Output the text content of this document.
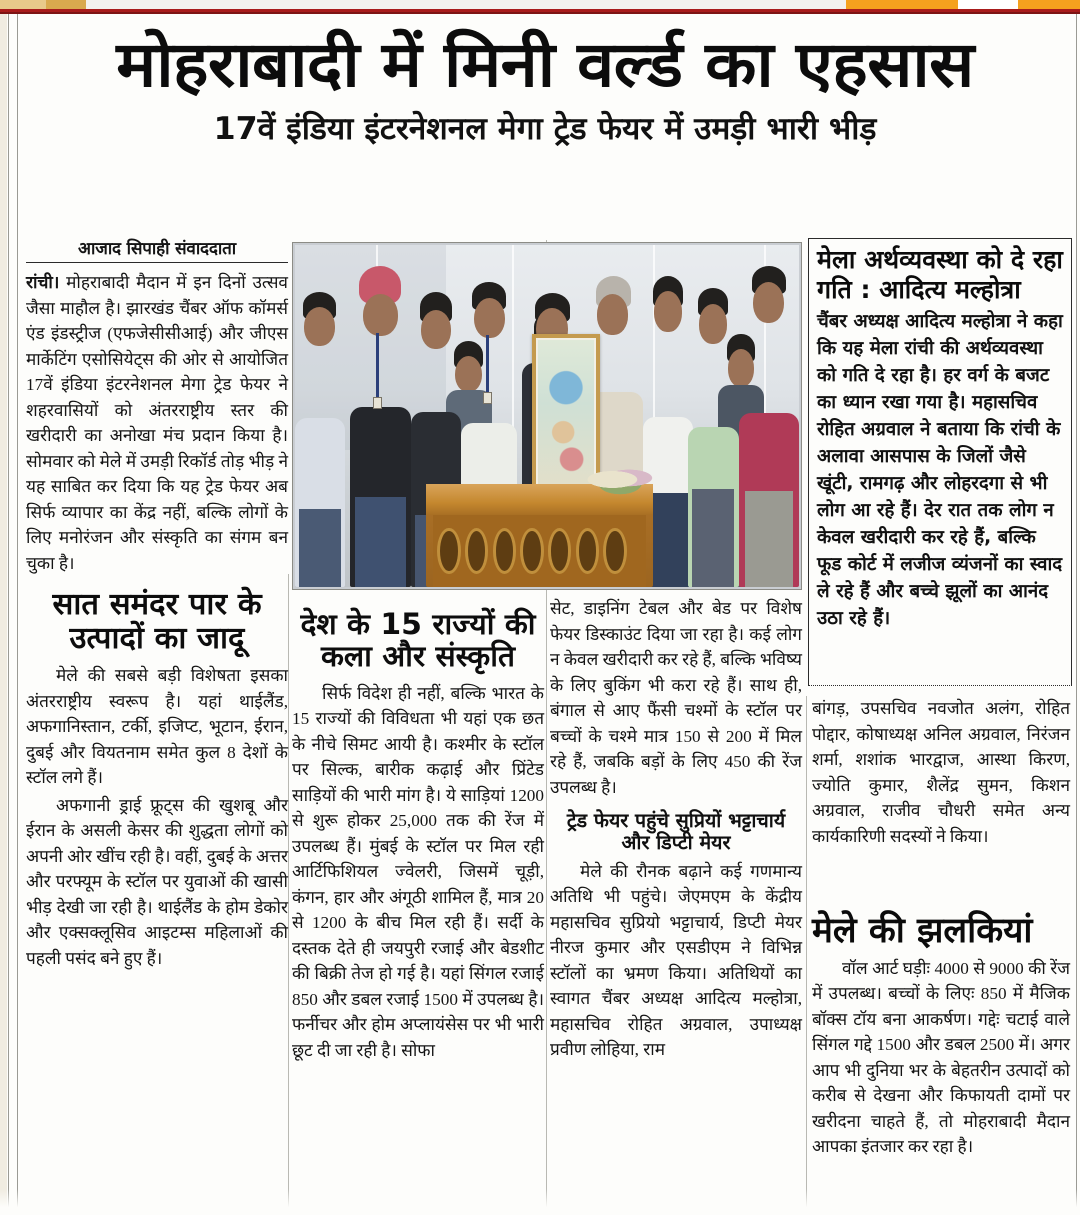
मोहराबादी में मिनी वर्ल्ड का एहसास
17वें इंडिया इंटरनेशनल मेगा ट्रेड फेयर में उमड़ी भारी भीड़
आजाद सिपाही संवाददाता

रांची। मोहराबादी मैदान में इन दिनों उत्सव जैसा माहौल है। झारखंड चैंबर ऑफ कॉमर्स एंड इंडस्ट्रीज (एफजेसीसीआई) और जीएस मार्केटिंग एसोसियेट्स की ओर से आयोजित 17वें इंडिया इंटरनेशनल मेगा ट्रेड फेयर ने शहरवासियों को अंतरराष्ट्रीय स्तर की खरीदारी का अनोखा मंच प्रदान किया है। सोमवार को मेले में उमड़ी रिकॉर्ड तोड़ भीड़ ने यह साबित कर दिया कि यह ट्रेड फेयर अब सिर्फ व्यापार का केंद्र नहीं, बल्कि लोगों के लिए मनोरंजन और संस्कृति का संगम बन चुका है।

सात समंदर पार के उत्पादों का जादू

मेले की सबसे बड़ी विशेषता इसका अंतरराष्ट्रीय स्वरूप है। यहां थाईलैंड, अफगानिस्तान, टर्की, इजिप्ट, भूटान, ईरान, दुबई और वियतनाम समेत कुल 8 देशों के स्टॉल लगे हैं।

अफगानी ड्राई फ्रूट्स की खुशबू और ईरान के असली केसर की शुद्धता लोगों को अपनी ओर खींच रही है। वहीं, दुबई के अत्तर और परफ्यूम के स्टॉल पर युवाओं की खासी भीड़ देखी जा रही है। थाईलैंड के होम डेकोर और एक्सक्लूसिव आइटम्स महिलाओं की पहली पसंद बने हुए हैं।

देश के 15 राज्यों की कला और संस्कृति

सिर्फ विदेश ही नहीं, बल्कि भारत के 15 राज्यों की विविधता भी यहां एक छत के नीचे सिमट आयी है। कश्मीर के स्टॉल पर सिल्क, बारीक कढ़ाई और प्रिंटेड साड़ियों की भारी मांग है। ये साड़ियां 1200 से शुरू होकर 25,000 तक की रेंज में उपलब्ध हैं। मुंबई के स्टॉल पर मिल रही आर्टिफिशियल ज्वेलरी, जिसमें चूड़ी, कंगन, हार और अंगूठी शामिल हैं, मात्र 20 से 1200 के बीच मिल रही हैं। सर्दी के दस्तक देते ही जयपुरी रजाई और बेडशीट की बिक्री तेज हो गई है। यहां सिंगल रजाई 850 और डबल रजाई 1500 में उपलब्ध है। फर्नीचर और होम अप्लायंसेस पर भी भारी छूट दी जा रही है। सोफा

सेट, डाइनिंग टेबल और बेड पर विशेष फेयर डिस्काउंट दिया जा रहा है। कई लोग न केवल खरीदारी कर रहे हैं, बल्कि भविष्य के लिए बुकिंग भी करा रहे हैं। साथ ही, बंगाल से आए फैंसी चश्मों के स्टॉल पर बच्चों के चश्मे मात्र 150 से 200 में मिल रहे हैं, जबकि बड़ों के लिए 450 की रेंज उपलब्ध है।

ट्रेड फेयर पहुंचे सुप्रियों भट्टाचार्य और डिप्टी मेयर

मेले की रौनक बढ़ाने कई गणमान्य अतिथि भी पहुंचे। जेएमएम के केंद्रीय महासचिव सुप्रियो भट्टाचार्य, डिप्टी मेयर नीरज कुमार और एसडीएम ने विभिन्न स्टॉलों का भ्रमण किया। अतिथियों का स्वागत चैंबर अध्यक्ष आदित्य मल्होत्रा, महासचिव रोहित अग्रवाल, उपाध्यक्ष प्रवीण लोहिया, राम

मेला अर्थव्यवस्था को दे रहा गति : आदित्य मल्होत्रा

चैंबर अध्यक्ष आदित्य मल्होत्रा ने कहा कि यह मेला रांची की अर्थव्यवस्था को गति दे रहा है। हर वर्ग के बजट का ध्यान रखा गया है। महासचिव रोहित अग्रवाल ने बताया कि रांची के अलावा आसपास के जिलों जैसे खूंटी, रामगढ़ और लोहरदगा से भी लोग आ रहे हैं। देर रात तक लोग न केवल खरीदारी कर रहे हैं, बल्कि फूड कोर्ट में लजीज व्यंजनों का स्वाद ले रहे हैं और बच्चे झूलों का आनंद उठा रहे हैं।

बांगड़, उपसचिव नवजोत अलंग, रोहित पोद्दार, कोषाध्यक्ष अनिल अग्रवाल, निरंजन शर्मा, शशांक भारद्वाज, आस्था किरण, ज्योति कुमार, शैलेंद्र सुमन, किशन अग्रवाल, राजीव चौधरी समेत अन्य कार्यकारिणी सदस्यों ने किया।

मेले की झलकियां

वॉल आर्ट घड़ीः 4000 से 9000 की रेंज में उपलब्ध। बच्चों के लिएः 850 में मैजिक बॉक्स टॉय बना आकर्षण। गद्देः चटाई वाले सिंगल गद्दे 1500 और डबल 2500 में। अगर आप भी दुनिया भर के बेहतरीन उत्पादों को करीब से देखना और किफायती दामों पर खरीदना चाहते हैं, तो मोहराबादी मैदान आपका इंतजार कर रहा है।
